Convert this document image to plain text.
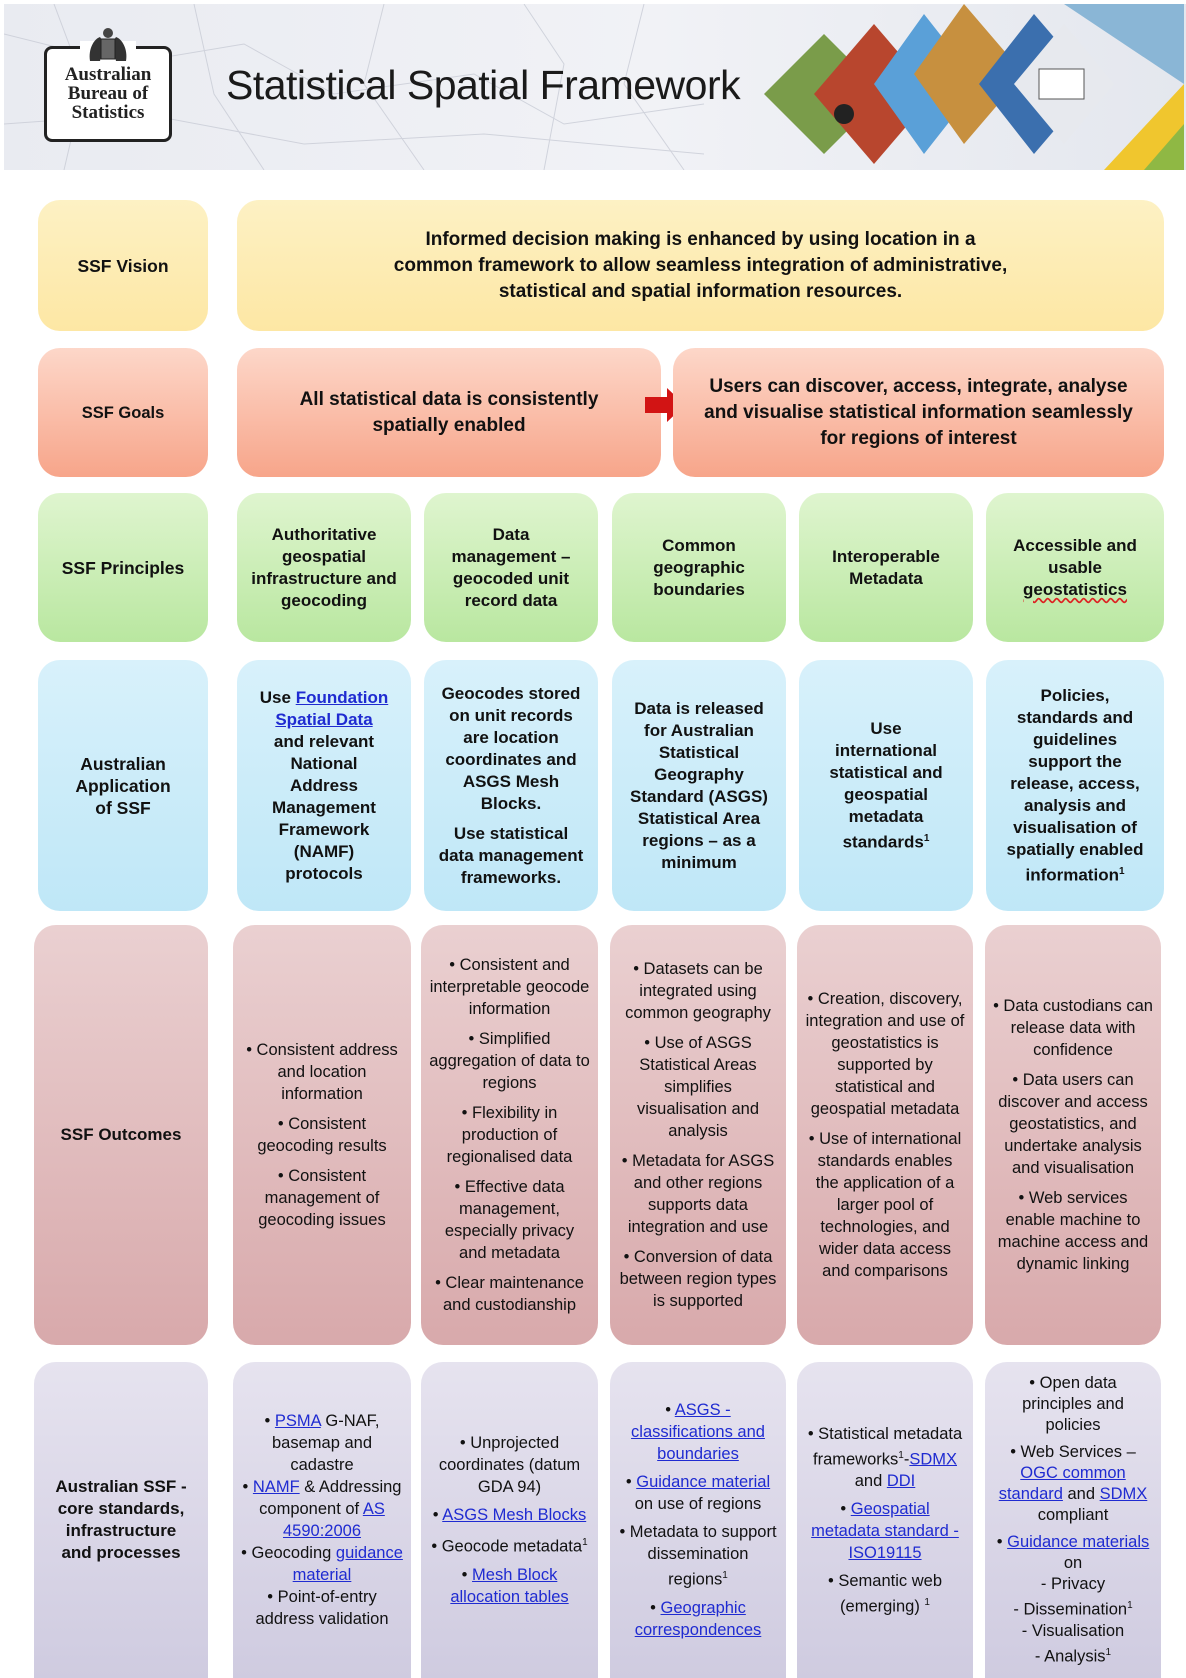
Australian Bureau of Statistics
Statistical Spatial Framework
SSF Vision
Informed decision making is enhanced by using location in a common framework to allow seamless integration of administrative, statistical and spatial information resources.
SSF Goals
All statistical data is consistently spatially enabled
Users can discover, access, integrate, analyse and visualise statistical information seamlessly for regions of interest
SSF Principles
Authoritative geospatial infrastructure and geocoding
Data management – geocoded unit record data
Common geographic boundaries
Interoperable Metadata
Accessible and usable
geostatistics
Australian Application of SSF

Use Foundation Spatial Data and relevant National Address Management Framework (NAMF) protocols

Geocodes stored on unit records are location coordinates and ASGS Mesh Blocks.

Use statistical data management frameworks.

Data is released for Australian Statistical Geography Standard (ASGS) Statistical Area regions – as a minimum

Use international statistical and geospatial metadata standards$^1$

Policies, standards and guidelines support the release, access, analysis and visualisation of spatially enabled information$^1$

SSF Outcomes

• Consistent address and location information

• Consistent geocoding results

• Consistent management of geocoding issues

• Consistent and interpretable geocode information

• Simplified aggregation of data to regions

• Flexibility in production of regionalised data

• Effective data management, especially privacy and metadata

• Clear maintenance and custodianship

• Datasets can be integrated using common geography

• Use of ASGS Statistical Areas simplifies visualisation and analysis

• Metadata for ASGS and other regions supports data integration and use

• Conversion of data between region types is supported

• Creation, discovery, integration and use of geostatistics is supported by statistical and geospatial metadata

• Use of international standards enables the application of a larger pool of technologies, and wider data access and comparisons

• Data custodians can release data with confidence

• Data users can discover and access geostatistics, and undertake analysis and visualisation

• Web services enable machine to machine access and dynamic linking

Australian SSF - core standards, infrastructure and processes

• PSMA G-NAF, basemap and cadastre

• NAMF & Addressing component of AS 4590:2006

• Geocoding guidance material

• Point-of-entry address validation

• Unprojected coordinates (datum GDA 94)

• ASGS Mesh Blocks

• Geocode metadata$^1$

• Mesh Block allocation tables

• ASGS - classifications and boundaries

• Guidance material on use of regions

• Metadata to support dissemination regions$^1$

• Geographic correspondences

• Statistical metadata frameworks$^1$-SDMX and DDI

• Geospatial metadata standard - ISO19115

• Semantic web (emerging) $^1$

• Open data principles and policies

• Web Services – OGC common standard and SDMX compliant

• Guidance materials on

- Privacy

- Dissemination$^1$

- Visualisation

- Analysis$^1$
